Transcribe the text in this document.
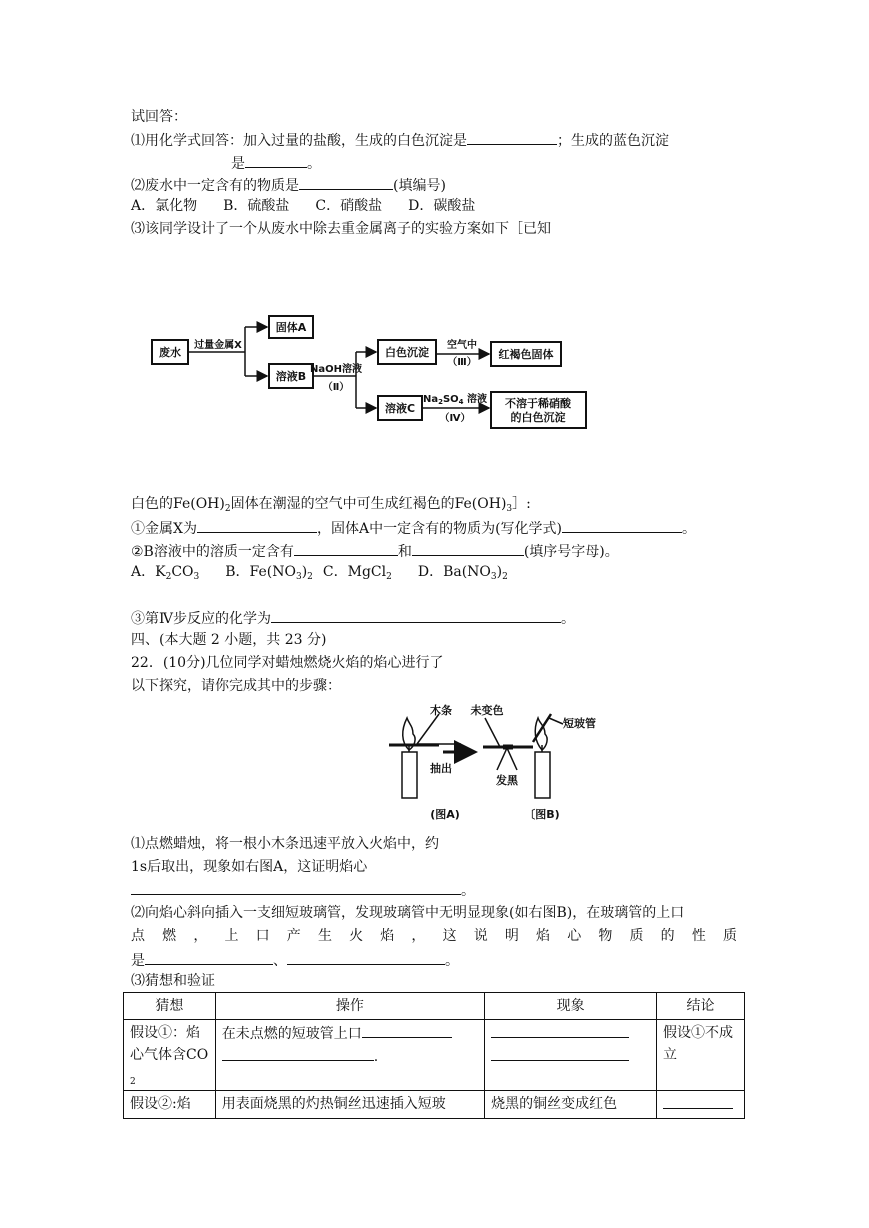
试回答：
⑴用化学式回答：加入过量的盐酸，生成的白色沉淀是	；生成的蓝色沉淀
是	。
⑵废水中一定含有的物质是	(填编号)
A．氯化物 B．硫酸盐 C．硝酸盐 D．碳酸盐
⑶该同学设计了一个从废水中除去重金属离子的实验方案如下［已知
废水
过量金属X
固体A
溶液B
NaOH溶液
（Ⅱ）
白色沉淀
空气中
（Ⅲ）
红褐色固体
溶液C
$Na_2SO_4$ 溶液
（Ⅳ）
不溶于稀硝酸
的白色沉淀
白色的$Fe(OH)_2$固体在潮湿的空气中可生成红褐色的$Fe(OH)_3]$:
①金属X为	，固体A中一定含有的物质为(写化学式)	。
②B溶液中的溶质一定含有	和	(填序号字母)。
A．$K_2CO_3$ B．$Fe(NO_3)_2$ C．MgCl$_2$ D．$Ba(NO_3)_2$
③第Ⅳ步反应的化学为	。
四、(本大题 2 小题，共 23 分)
22．(10分)几位同学对蜡烛燃烧火焰的焰心进行了
以下探究，请你完成其中的步骤：
木条 未变色
抽出
发黑
短玻管
(图A)	〔图B)
⑴点燃蜡烛，将一根小木条迅速平放入火焰中，约
1s后取出，现象如右图A，这证明焰心
。
⑵向焰心斜向插入一支细短玻璃管，发现玻璃管中无明显现象(如右图B)，在玻璃管的上口
点 燃 ， 上 口 产 生 火 焰 ， 这 说 明 焰 心 物 质 的 性 质
是	、	。
⑶猜想和验证
猜想	操作	现象	结论
假设①：焰心气体含$CO_2$	在未点燃的短玻管上口
.		假设①不成立
假设②:焰	用表面烧黑的灼热铜丝迅速插入短玻	烧黑的铜丝变成红色	
